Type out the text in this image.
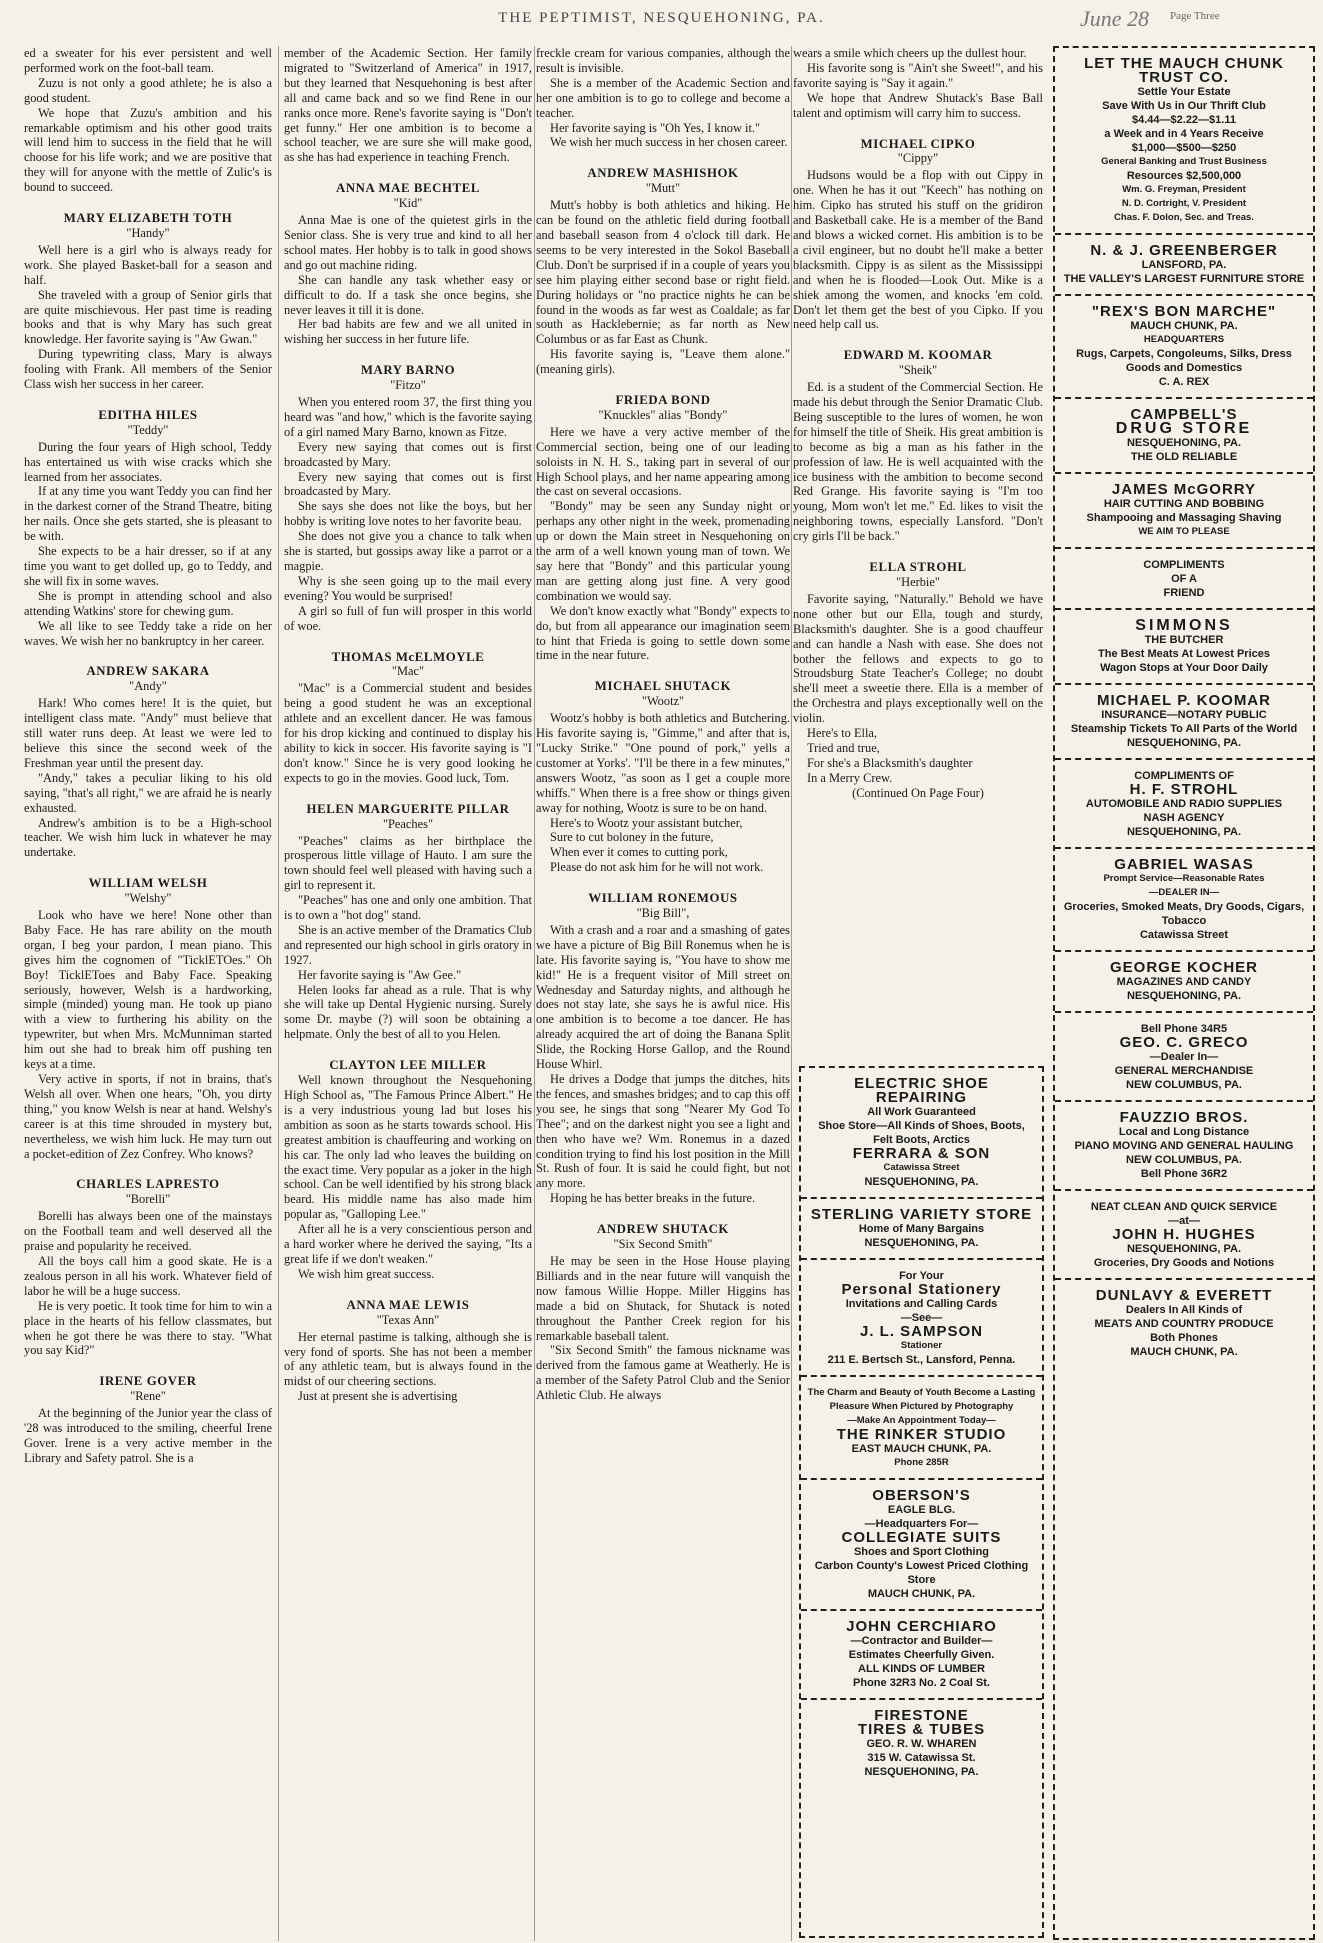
THE PEPTIMIST, NESQUEHONING, PA.	June 28 Page Three

ed a sweater for his ever persistent and well performed work on the foot-ball team.

Zuzu is not only a good athlete; he is also a good student.

We hope that Zuzu's ambition and his remarkable optimism and his other good traits will lend him to success in the field that he will choose for his life work; and we are positive that they will for anyone with the mettle of Zulic's is bound to succeed.

MARY ELIZABETH TOTH
"Handy"

Well here is a girl who is always ready for work. She played Basket-ball for a season and half.

She traveled with a group of Senior girls that are quite mischievous. Her past time is reading books and that is why Mary has such great knowledge. Her favorite saying is "Aw Gwan."

During typewriting class, Mary is always fooling with Frank. All members of the Senior Class wish her success in her career.

EDITHA HILES
"Teddy"

During the four years of High school, Teddy has entertained us with wise cracks which she learned from her associates.

If at any time you want Teddy you can find her in the darkest corner of the Strand Theatre, biting her nails. Once she gets started, she is pleasant to be with.

She expects to be a hair dresser, so if at any time you want to get dolled up, go to Teddy, and she will fix in some waves.

She is prompt in attending school and also attending Watkins' store for chewing gum.

We all like to see Teddy take a ride on her waves. We wish her no bankruptcy in her career.

ANDREW SAKARA
"Andy"

Hark! Who comes here! It is the quiet, but intelligent class mate. "Andy" must believe that still water runs deep. At least we were led to believe this since the second week of the Freshman year until the present day.

"Andy," takes a peculiar liking to his old saying, "that's all right," we are afraid he is nearly exhausted.

Andrew's ambition is to be a High-school teacher. We wish him luck in whatever he may undertake.

WILLIAM WELSH
"Welshy"

Look who have we here! None other than Baby Face. He has rare ability on the mouth organ, I beg your pardon, I mean piano. This gives him the cognomen of "TicklETOes." Oh Boy! TicklEToes and Baby Face. Speaking seriously, however, Welsh is a hardworking, simple (minded) young man. He took up piano with a view to furthering his ability on the typewriter, but when Mrs. McMunniman started him out she had to break him off pushing ten keys at a time.

Very active in sports, if not in brains, that's Welsh all over. When one hears, "Oh, you dirty thing," you know Welsh is near at hand. Welshy's career is at this time shrouded in mystery but, nevertheless, we wish him luck. He may turn out a pocket-edition of Zez Confrey. Who knows?

CHARLES LAPRESTO
"Borelli"

Borelli has always been one of the mainstays on the Football team and well deserved all the praise and popularity he received.

All the boys call him a good skate. He is a zealous person in all his work. Whatever field of labor he will be a huge success.

He is very poetic. It took time for him to win a place in the hearts of his fellow classmates, but when he got there he was there to stay. "What you say Kid?"

IRENE GOVER
"Rene"

At the beginning of the Junior year the class of '28 was introduced to the smiling, cheerful Irene Gover. Irene is a very active member in the Library and Safety patrol. She is a

member of the Academic Section. Her family migrated to "Switzerland of America" in 1917, but they learned that Nesquehoning is best after all and came back and so we find Rene in our ranks once more. Rene's favorite saying is "Don't get funny." Her one ambition is to become a school teacher, we are sure she will make good, as she has had experience in teaching French.

ANNA MAE BECHTEL
"Kid"

Anna Mae is one of the quietest girls in the Senior class. She is very true and kind to all her school mates. Her hobby is to talk in good shows and go out machine riding.

She can handle any task whether easy or difficult to do. If a task she once begins, she never leaves it till it is done.

Her bad habits are few and we all united in wishing her success in her future life.

MARY BARNO
"Fitzo"

When you entered room 37, the first thing you heard was "and how," which is the favorite saying of a girl named Mary Barno, known as Fitze.

Every new saying that comes out is first broadcasted by Mary.

Every new saying that comes out is first broadcasted by Mary.

She says she does not like the boys, but her hobby is writing love notes to her favorite beau.

She does not give you a chance to talk when she is started, but gossips away like a parrot or a magpie.

Why is she seen going up to the mail every evening? You would be surprised!

A girl so full of fun will prosper in this world of woe.

THOMAS McELMOYLE
"Mac"

"Mac" is a Commercial student and besides being a good student he was an exceptional athlete and an excellent dancer. He was famous for his drop kicking and continued to display his ability to kick in soccer. His favorite saying is "I don't know." Since he is very good looking he expects to go in the movies. Good luck, Tom.

HELEN MARGUERITE PILLAR
"Peaches"

"Peaches" claims as her birthplace the prosperous little village of Hauto. I am sure the town should feel well pleased with having such a girl to represent it.

"Peaches" has one and only one ambition. That is to own a "hot dog" stand.

She is an active member of the Dramatics Club and represented our high school in girls oratory in 1927.

Her favorite saying is "Aw Gee."

Helen looks far ahead as a rule. That is why she will take up Dental Hygienic nursing. Surely some Dr. maybe (?) will soon be obtaining a helpmate. Only the best of all to you Helen.

CLAYTON LEE MILLER

Well known throughout the Nesquehoning High School as, "The Famous Prince Albert." He is a very industrious young lad but loses his ambition as soon as he starts towards school. His greatest ambition is chauffeuring and working on his car. The only lad who leaves the building on the exact time. Very popular as a joker in the high school. Can be well identified by his strong black beard. His middle name has also made him popular as, "Galloping Lee."

After all he is a very conscientious person and a hard worker where he derived the saying, "Its a great life if we don't weaken."

We wish him great success.

ANNA MAE LEWIS
"Texas Ann"

Her eternal pastime is talking, although she is very fond of sports. She has not been a member of any athletic team, but is always found in the midst of our cheering sections.

Just at present she is advertising

freckle cream for various companies, although the result is invisible.

She is a member of the Academic Section and her one ambition is to go to college and become a teacher.

Her favorite saying is "Oh Yes, I know it."

We wish her much success in her chosen career.

ANDREW MASHISHOK
"Mutt"

Mutt's hobby is both athletics and hiking. He can be found on the athletic field during football and baseball season from 4 o'clock till dark. He seems to be very interested in the Sokol Baseball Club. Don't be surprised if in a couple of years you see him playing either second base or right field. During holidays or "no practice nights he can be found in the woods as far west as Coaldale; as far south as Hacklebernie; as far north as New Columbus or as far East as Chunk.

His favorite saying is, "Leave them alone." (meaning girls).

FRIEDA BOND
"Knuckles" alias "Bondy"

Here we have a very active member of the Commercial section, being one of our leading soloists in N. H. S., taking part in several of our High School plays, and her name appearing among the cast on several occasions.

"Bondy" may be seen any Sunday night or perhaps any other night in the week, promenading up or down the Main street in Nesquehoning on the arm of a well known young man of town. We say here that "Bondy" and this particular young man are getting along just fine. A very good combination we would say.

We don't know exactly what "Bondy" expects to do, but from all appearance our imagination seem to hint that Frieda is going to settle down some time in the near future.

MICHAEL SHUTACK
"Wootz"

Wootz's hobby is both athletics and Butchering. His favorite saying is, "Gimme," and after that is, "Lucky Strike." "One pound of pork," yells a customer at Yorks'. "I'll be there in a few minutes," answers Wootz, "as soon as I get a couple more whiffs." When there is a free show or things given away for nothing, Wootz is sure to be on hand.

Here's to Wootz your assistant butcher,

Sure to cut boloney in the future,

When ever it comes to cutting pork,

Please do not ask him for he will not work.

WILLIAM RONEMOUS
"Big Bill",

With a crash and a roar and a smashing of gates we have a picture of Big Bill Ronemus when he is late. His favorite saying is, "You have to show me kid!" He is a frequent visitor of Mill street on Wednesday and Saturday nights, and although he does not stay late, she says he is awful nice. His one ambition is to become a toe dancer. He has already acquired the art of doing the Banana Split Slide, the Rocking Horse Gallop, and the Round House Whirl.

He drives a Dodge that jumps the ditches, hits the fences, and smashes bridges; and to cap this off you see, he sings that song "Nearer My God To Thee"; and on the darkest night you see a light and then who have we? Wm. Ronemus in a dazed condition trying to find his lost position in the Mill St. Rush of four. It is said he could fight, but not any more.

Hoping he has better breaks in the future.

ANDREW SHUTACK
"Six Second Smith"

He may be seen in the Hose House playing Billiards and in the near future will vanquish the now famous Willie Hoppe. Miller Higgins has made a bid on Shutack, for Shutack is noted throughout the Panther Creek region for his remarkable baseball talent.

"Six Second Smith" the famous nickname was derived from the famous game at Weatherly. He is a member of the Safety Patrol Club and the Senior Athletic Club. He always

wears a smile which cheers up the dullest hour.

His favorite song is "Ain't she Sweet!", and his favorite saying is "Say it again."

We hope that Andrew Shutack's Base Ball talent and optimism will carry him to success.

MICHAEL CIPKO
"Cippy"

Hudsons would be a flop with out Cippy in one. When he has it out "Keech" has nothing on him. Cipko has struted his stuff on the gridiron and Basketball cake. He is a member of the Band and blows a wicked cornet. His ambition is to be a civil engineer, but no doubt he'll make a better blacksmith. Cippy is as silent as the Mississippi and when he is flooded—Look Out. Mike is a shiek among the women, and knocks 'em cold. Don't let them get the best of you Cipko. If you need help call us.

EDWARD M. KOOMAR
"Sheik"

Ed. is a student of the Commercial Section. He made his debut through the Senior Dramatic Club. Being susceptible to the lures of women, he won for himself the title of Sheik. His great ambition is to become as big a man as his father in the profession of law. He is well acquainted with the ice business with the ambition to become second Red Grange. His favorite saying is "I'm too young, Mom won't let me." Ed. likes to visit the neighboring towns, especially Lansford. "Don't cry girls I'll be back."

ELLA STROHL
"Herbie"

Favorite saying, "Naturally." Behold we have none other but our Ella, tough and sturdy, Blacksmith's daughter. She is a good chauffeur and can handle a Nash with ease. She does not bother the fellows and expects to go to Stroudsburg State Teacher's College; no doubt she'll meet a sweetie there. Ella is a member of the Orchestra and plays exceptionally well on the violin.

Here's to Ella,

Tried and true,

For she's a Blacksmith's daughter

In a Merry Crew.

(Continued On Page Four)
ELECTRIC SHOE REPAIRING
All Work Guaranteed
Shoe Store—All Kinds of Shoes, Boots, Felt Boots, Arctics
FERRARA & SON
Catawissa Street
NESQUEHONING, PA.
STERLING VARIETY STORE
Home of Many Bargains
NESQUEHONING, PA.
For Your
Personal Stationery
Invitations and Calling Cards
—See—
J. L. SAMPSON
Stationer
211 E. Bertsch St., Lansford, Penna.
The Charm and Beauty of Youth Become a Lasting Pleasure When Pictured by Photography
—Make An Appointment Today—
THE RINKER STUDIO
EAST MAUCH CHUNK, PA.
Phone 285R
OBERSON'S
EAGLE BLG.
—Headquarters For—
COLLEGIATE SUITS
Shoes and Sport Clothing
Carbon County's Lowest Priced Clothing Store
MAUCH CHUNK, PA.
JOHN CERCHIARO
—Contractor and Builder—
Estimates Cheerfully Given.
ALL KINDS OF LUMBER
Phone 32R3 No. 2 Coal St.
FIRESTONE
TIRES & TUBES
GEO. R. W. WHAREN
315 W. Catawissa St.
NESQUEHONING, PA.
LET THE MAUCH CHUNK TRUST CO.
Settle Your Estate
Save With Us in Our Thrift Club
$4.44—$2.22—$1.11
a Week and in 4 Years Receive
$1,000—$500—$250
General Banking and Trust Business
Resources $2,500,000
Wm. G. Freyman, President
N. D. Cortright, V. President
Chas. F. Dolon, Sec. and Treas.
N. & J. GREENBERGER
LANSFORD, PA.
THE VALLEY'S LARGEST FURNITURE STORE
"REX'S BON MARCHE"
MAUCH CHUNK, PA.
HEADQUARTERS
Rugs, Carpets, Congoleums, Silks, Dress Goods and Domestics
C. A. REX
CAMPBELL'S
DRUG STORE
NESQUEHONING, PA.
THE OLD RELIABLE
JAMES McGORRY
HAIR CUTTING AND BOBBING
Shampooing and Massaging Shaving
WE AIM TO PLEASE
COMPLIMENTS
OF A
FRIEND
SIMMONS
THE BUTCHER
The Best Meats At Lowest Prices
Wagon Stops at Your Door Daily
MICHAEL P. KOOMAR
INSURANCE—NOTARY PUBLIC
Steamship Tickets To All Parts of the World
NESQUEHONING, PA.
COMPLIMENTS OF
H. F. STROHL
AUTOMOBILE AND RADIO SUPPLIES
NASH AGENCY
NESQUEHONING, PA.
GABRIEL WASAS
Prompt Service—Reasonable Rates
—DEALER IN—
Groceries, Smoked Meats, Dry Goods, Cigars, Tobacco
Catawissa Street
GEORGE KOCHER
MAGAZINES AND CANDY
NESQUEHONING, PA.
Bell Phone 34R5
GEO. C. GRECO
—Dealer In—
GENERAL MERCHANDISE
NEW COLUMBUS, PA.
FAUZZIO BROS.
Local and Long Distance
PIANO MOVING AND GENERAL HAULING
NEW COLUMBUS, PA.
Bell Phone 36R2
NEAT CLEAN AND QUICK SERVICE
—at—
JOHN H. HUGHES
NESQUEHONING, PA.
Groceries, Dry Goods and Notions
DUNLAVY & EVERETT
Dealers In All Kinds of
MEATS AND COUNTRY PRODUCE
Both Phones
MAUCH CHUNK, PA.
